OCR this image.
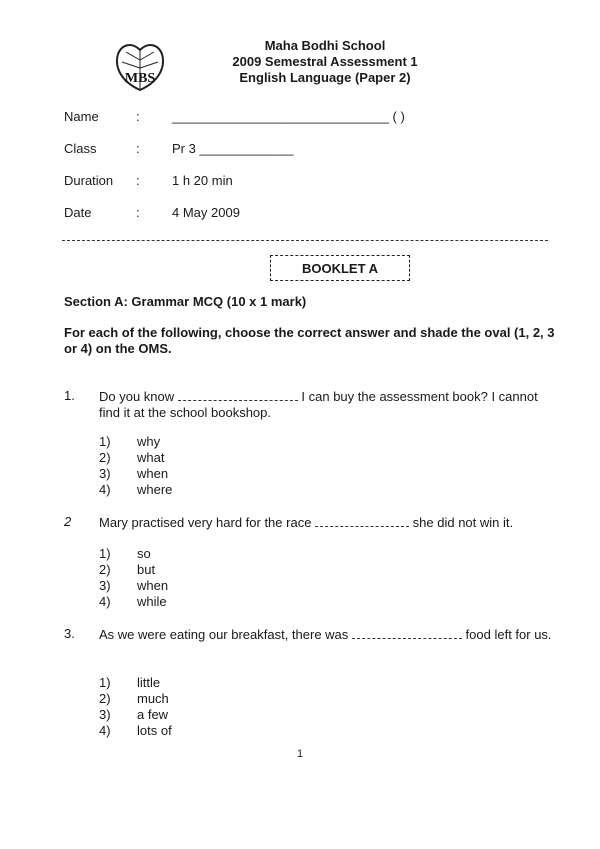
MBS
Maha Bodhi School
2009 Semestral Assessment 1
English Language (Paper 2)
Name	: ______________________________ ( )
Class	: Pr 3 _____________
Duration : 1 h 20 min
Date	: 4 May 2009
BOOKLET A
Section A: Grammar MCQ (10 x 1 mark)
For each of the following, choose the correct answer and shade the oval (1, 2, 3 or 4) on the OMS.
1. Do you know	I can buy the assessment book? I cannot find it at the school bookshop.
1) why
2) what
3) when
4) where
2 Mary practised very hard for the race	she did not win it.
1) so
2) but
3) when
4) while
3. As we were eating our breakfast, there was	food left for us.
1) little
2) much
3) a few
4) lots of
1
